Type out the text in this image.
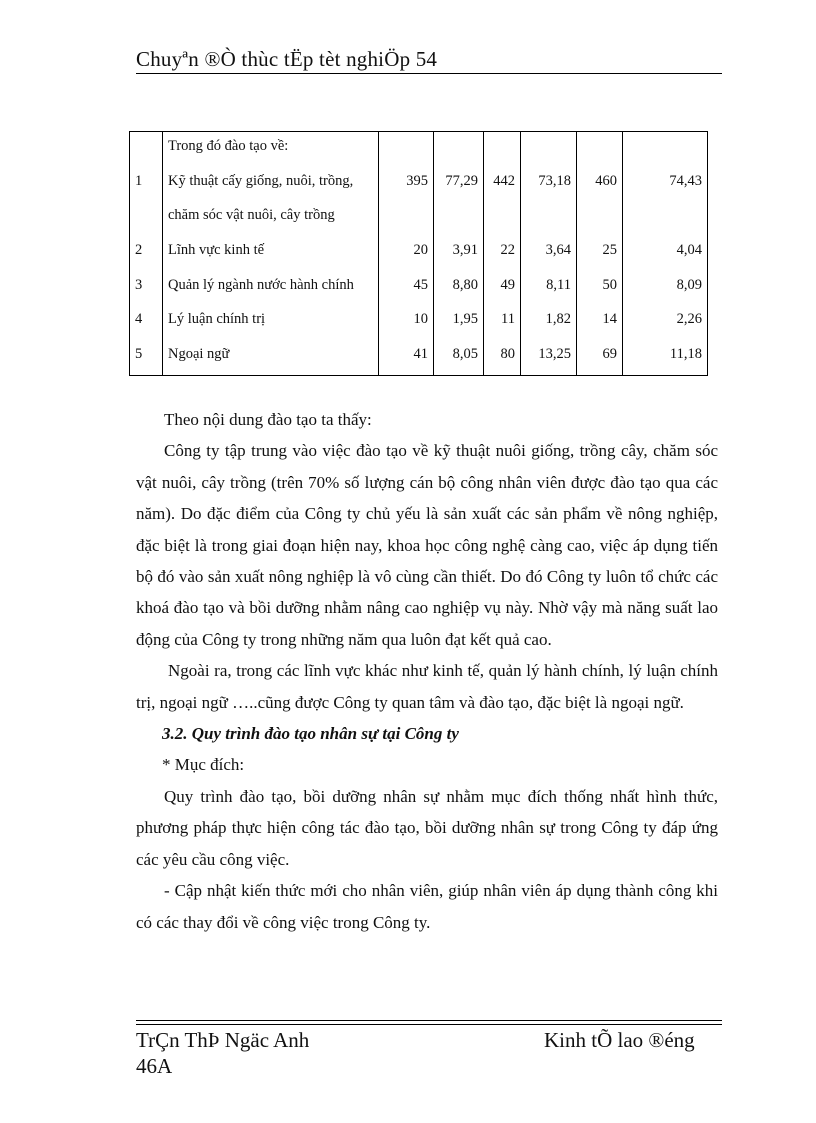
Chuyªn ®Ò thùc tËp tèt nghiÖp 54
	Trong đó đào tạo về:						
1	Kỹ thuật cấy giống, nuôi, trồng,	395	77,29	442	73,18	460	74,43
	chăm sóc vật nuôi, cây trồng						
2	Lĩnh vực kinh tế	20	3,91	22	3,64	25	4,04
3	Quản lý ngành nước hành chính	45	8,80	49	8,11	50	8,09
4	Lý luận chính trị	10	1,95	11	1,82	14	2,26
5	Ngoại ngữ	41	8,05	80	13,25	69	11,18

Theo nội dung đào tạo ta thấy:

Công ty tập trung vào việc đào tạo về kỹ thuật nuôi giống, trồng cây, chăm sóc vật nuôi, cây trồng (trên 70% số lượng cán bộ công nhân viên được đào tạo qua các năm). Do đặc điểm của Công ty chủ yếu là sản xuất các sản phẩm về nông nghiệp, đặc biệt là trong giai đoạn hiện nay, khoa học công nghệ càng cao, việc áp dụng tiến bộ đó vào sản xuất nông nghiệp là vô cùng cần thiết. Do đó Công ty luôn tổ chức các khoá đào tạo và bồi dưỡng nhằm nâng cao nghiệp vụ này. Nhờ vậy mà năng suất lao động của Công ty trong những năm qua luôn đạt kết quả cao.

Ngoài ra, trong các lĩnh vực khác như kinh tế, quản lý hành chính, lý luận chính trị, ngoại ngữ …..cũng được Công ty quan tâm và đào tạo, đặc biệt là ngoại ngữ.

3.2. Quy trình đào tạo nhân sự tại Công ty

* Mục đích:

Quy trình đào tạo, bồi dưỡng nhân sự nhằm mục đích thống nhất hình thức, phương pháp thực hiện công tác đào tạo, bồi dưỡng nhân sự trong Công ty đáp ứng các yêu cầu công việc.

- Cập nhật kiến thức mới cho nhân viên, giúp nhân viên áp dụng thành công khi có các thay đổi về công việc trong Công ty.

TrÇn ThÞ Ngäc Anh
46A
Kinh tÕ lao ®éng
